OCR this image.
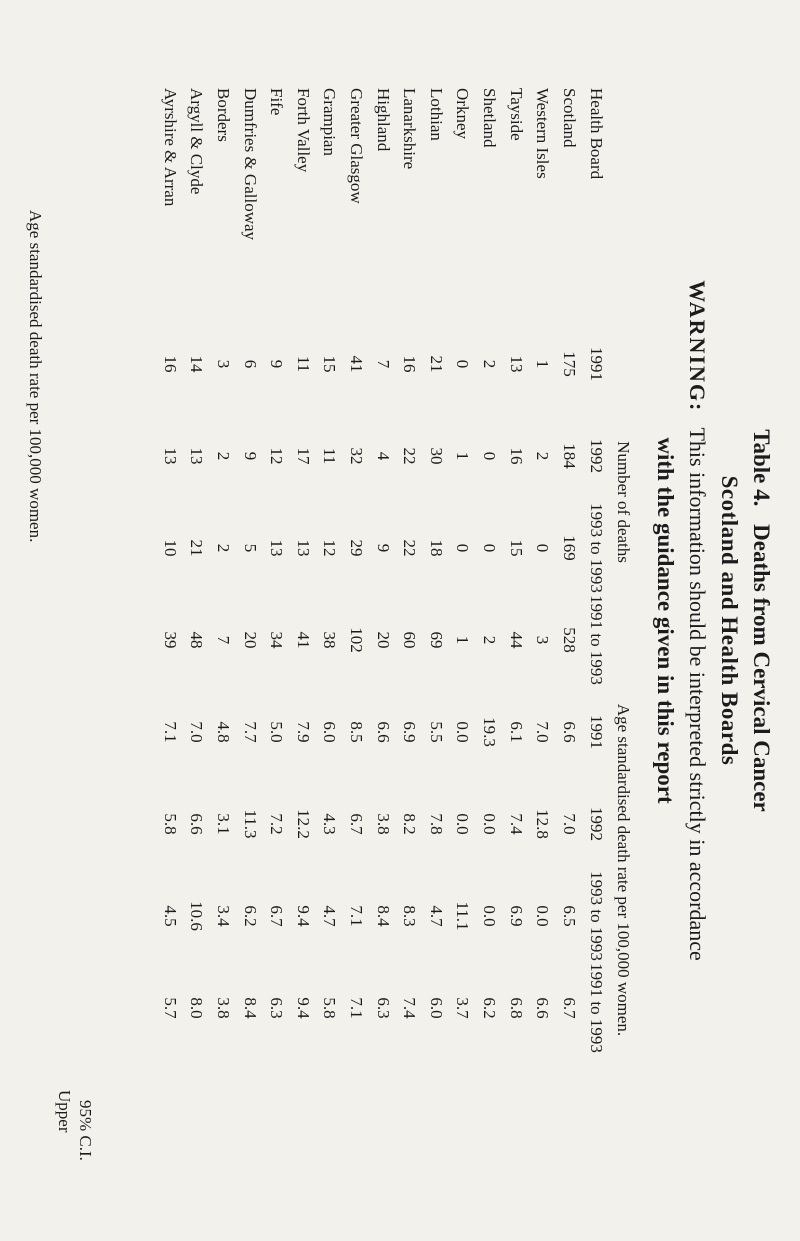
Table 4. Deaths from Cervical Cancer
Scotland and Health Boards
WARNING: This information should be interpreted strictly in accordance
with the guidance given in this report
	Number of deaths				Age standardised death rate per 100,000 women.			
Health Board	1991	1992	1993 to 1993	1991 to 1993	1991	1992	1993 to 1993	1991 to 1993
Scotland	175	184	169	528	6.6	7.0	6.5	6.7
Western Isles	1	2	0	3	7.0	12.8	0.0	6.6
Tayside	13	16	15	44	6.1	7.4	6.9	6.8
Shetland	2	0	0	2	19.3	0.0	0.0	6.2
Orkney	0	1	0	1	0.0	0.0	11.1	3.7
Lothian	21	30	18	69	5.5	7.8	4.7	6.0
Lanarkshire	16	22	22	60	6.9	8.2	8.3	7.4
Highland	7	4	9	20	6.6	3.8	8.4	6.3
Greater Glasgow	41	32	29	102	8.5	6.7	7.1	7.1
Grampian	15	11	12	38	6.0	4.3	4.7	5.8
Forth Valley	11	17	13	41	7.9	12.2	9.4	9.4
Fife	9	12	13	34	5.0	7.2	6.7	6.3
Dumfries & Galloway	6	9	5	20	7.7	11.3	6.2	8.4
Borders	3	2	2	7	4.8	3.1	3.4	3.8
Argyll & Clyde	14	13	21	48	7.0	6.6	10.6	8.0
Ayrshire & Arran	16	13	10	39	7.1	5.8	4.5	5.7
95% C.I.
Upper
Age standardised death rate per 100,000 women.
